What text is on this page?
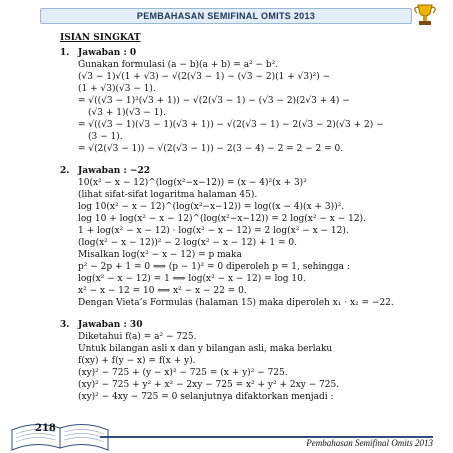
PEMBAHASAN SEMIFINAL OMITS 2013
ISIAN SINGKAT
1. Jawaban : 0
Gunakan formulasi (a − b)(a + b) = a² − b².
(√3 − 1)√(1 + √3) − √(2(√3 − 1) − (√3 − 2)(1 + √3)²) −
(1 + √3)(√3 − 1).
= √((√3 − 1)²(√3 + 1)) − √(2(√3 − 1) − (√3 − 2)(2√3 + 4) −
(√3 + 1)(√3 − 1).
= √((√3 − 1)(√3 − 1)(√3 + 1)) − √(2(√3 − 1) − 2(√3 − 2)(√3 + 2) −
(3 − 1).
= √(2(√3 − 1)) − √(2(√3 − 1)) − 2(3 − 4) − 2 = 2 − 2 = 0.
2. Jawaban : −22
10(x² − x − 12)^(log(x²−x−12)) = (x − 4)²(x + 3)²
(lihat sifat-sifat logaritma halaman 45).
log 10(x² − x − 12)^(log(x²−x−12)) = log((x − 4)(x + 3))².
log 10 + log(x² − x − 12)^(log(x²−x−12)) = 2 log(x² − x − 12).
1 + log(x² − x − 12) · log(x² − x − 12) = 2 log(x² − x − 12).
(log(x² − x − 12))² − 2 log(x² − x − 12) + 1 = 0.
Misalkan log(x² − x − 12) = p maka
p² − 2p + 1 = 0 ⟺ (p − 1)² = 0 diperoleh p = 1, sehingga :
log(x² − x − 12) = 1 ⟺ log(x² − x − 12) = log 10.
x² − x − 12 = 10 ⟺ x² − x − 22 = 0.
Dengan Vieta’s Formulas (halaman 15) maka diperoleh x₁ · x₂ = −22.
3. Jawaban : 30
Diketahui f(a) = a² − 725.
Untuk bilangan asli x dan y bilangan asli, maka berlaku
f(xy) + f(y − x) = f(x + y).
(xy)² − 725 + (y − x)² − 725 = (x + y)² − 725.
(xy)² − 725 + y² + x² − 2xy − 725 = x² + y² + 2xy − 725.
(xy)² − 4xy − 725 = 0 selanjutnya difaktorkan menjadi :
218
Pembahasan Semifinal Omits 2013
